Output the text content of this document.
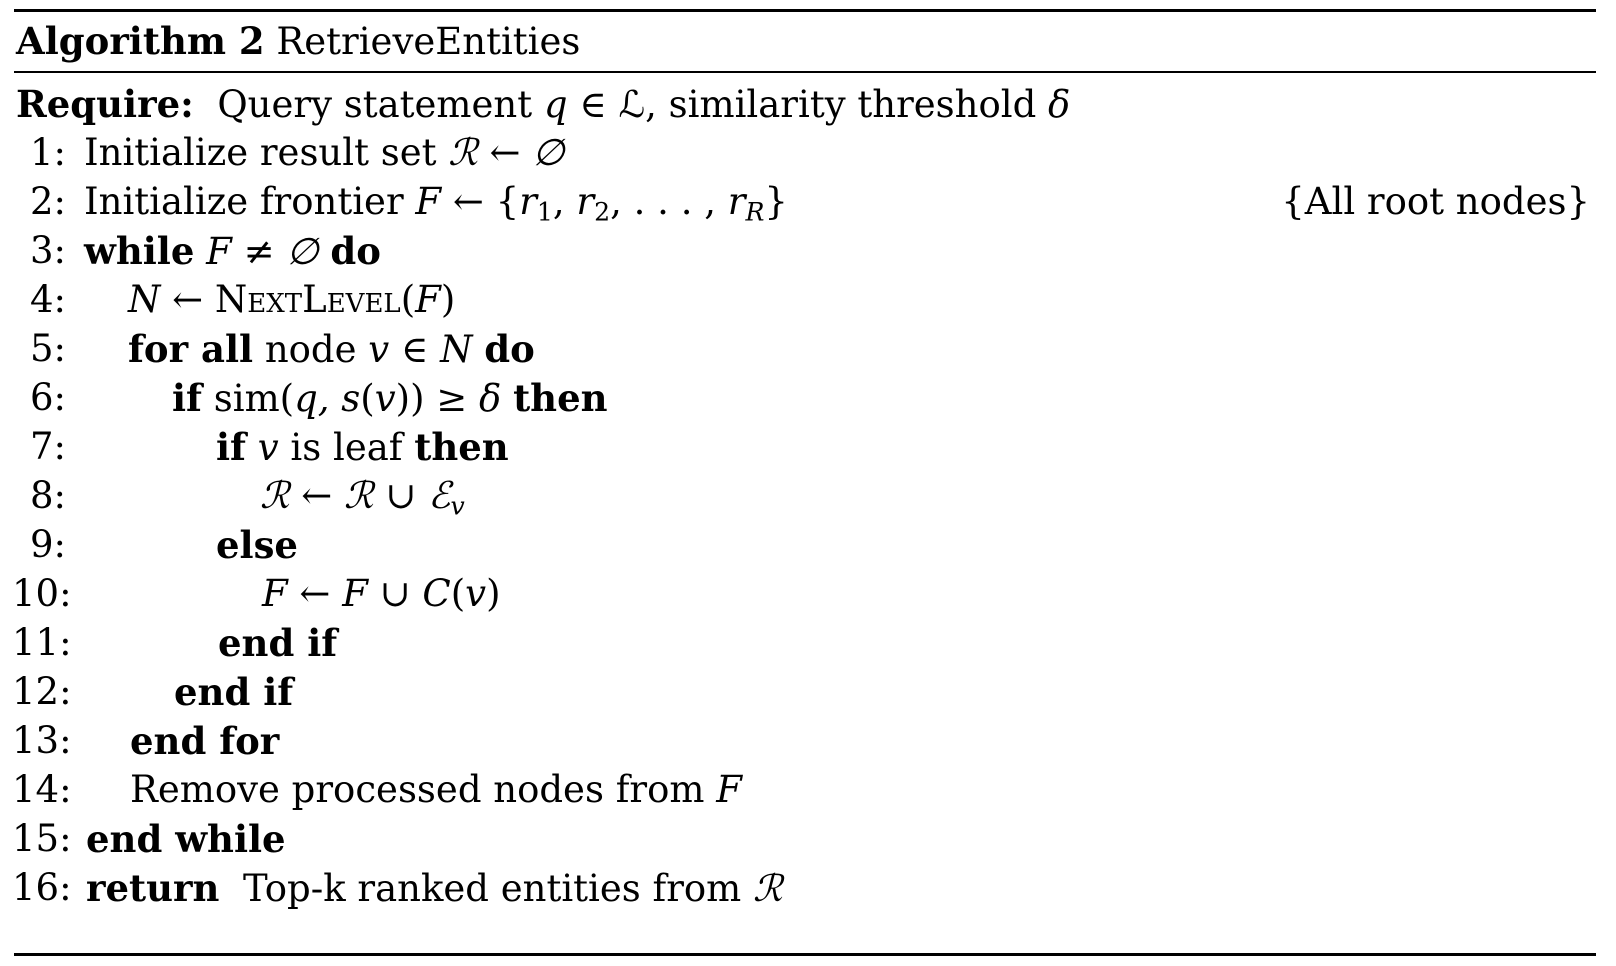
Algorithm 2 RetrieveEntities
Require: Query statement q ∈ ℒ, similarity threshold δ
1:
2:
3:
4:
5:
6:
7:
8:
9:
10:
11:
12:
13:
14:
15:
16:
Initialize result set ℛ ← ∅
Initialize frontier F ← {$r_1$, $r_2$, . . . , $r_R$}	{All root nodes}
while F ≠ ∅ do
N ← NextLevel(F)
for all node v ∈ N do
if sim(q, s(v)) ≥ δ then
if v is leaf then
ℛ ← ℛ ∪ ℰ$_v$
else
F ← F ∪ C(v)
end if
end if
end for
Remove processed nodes from F
end while
return Top-k ranked entities from ℛ
